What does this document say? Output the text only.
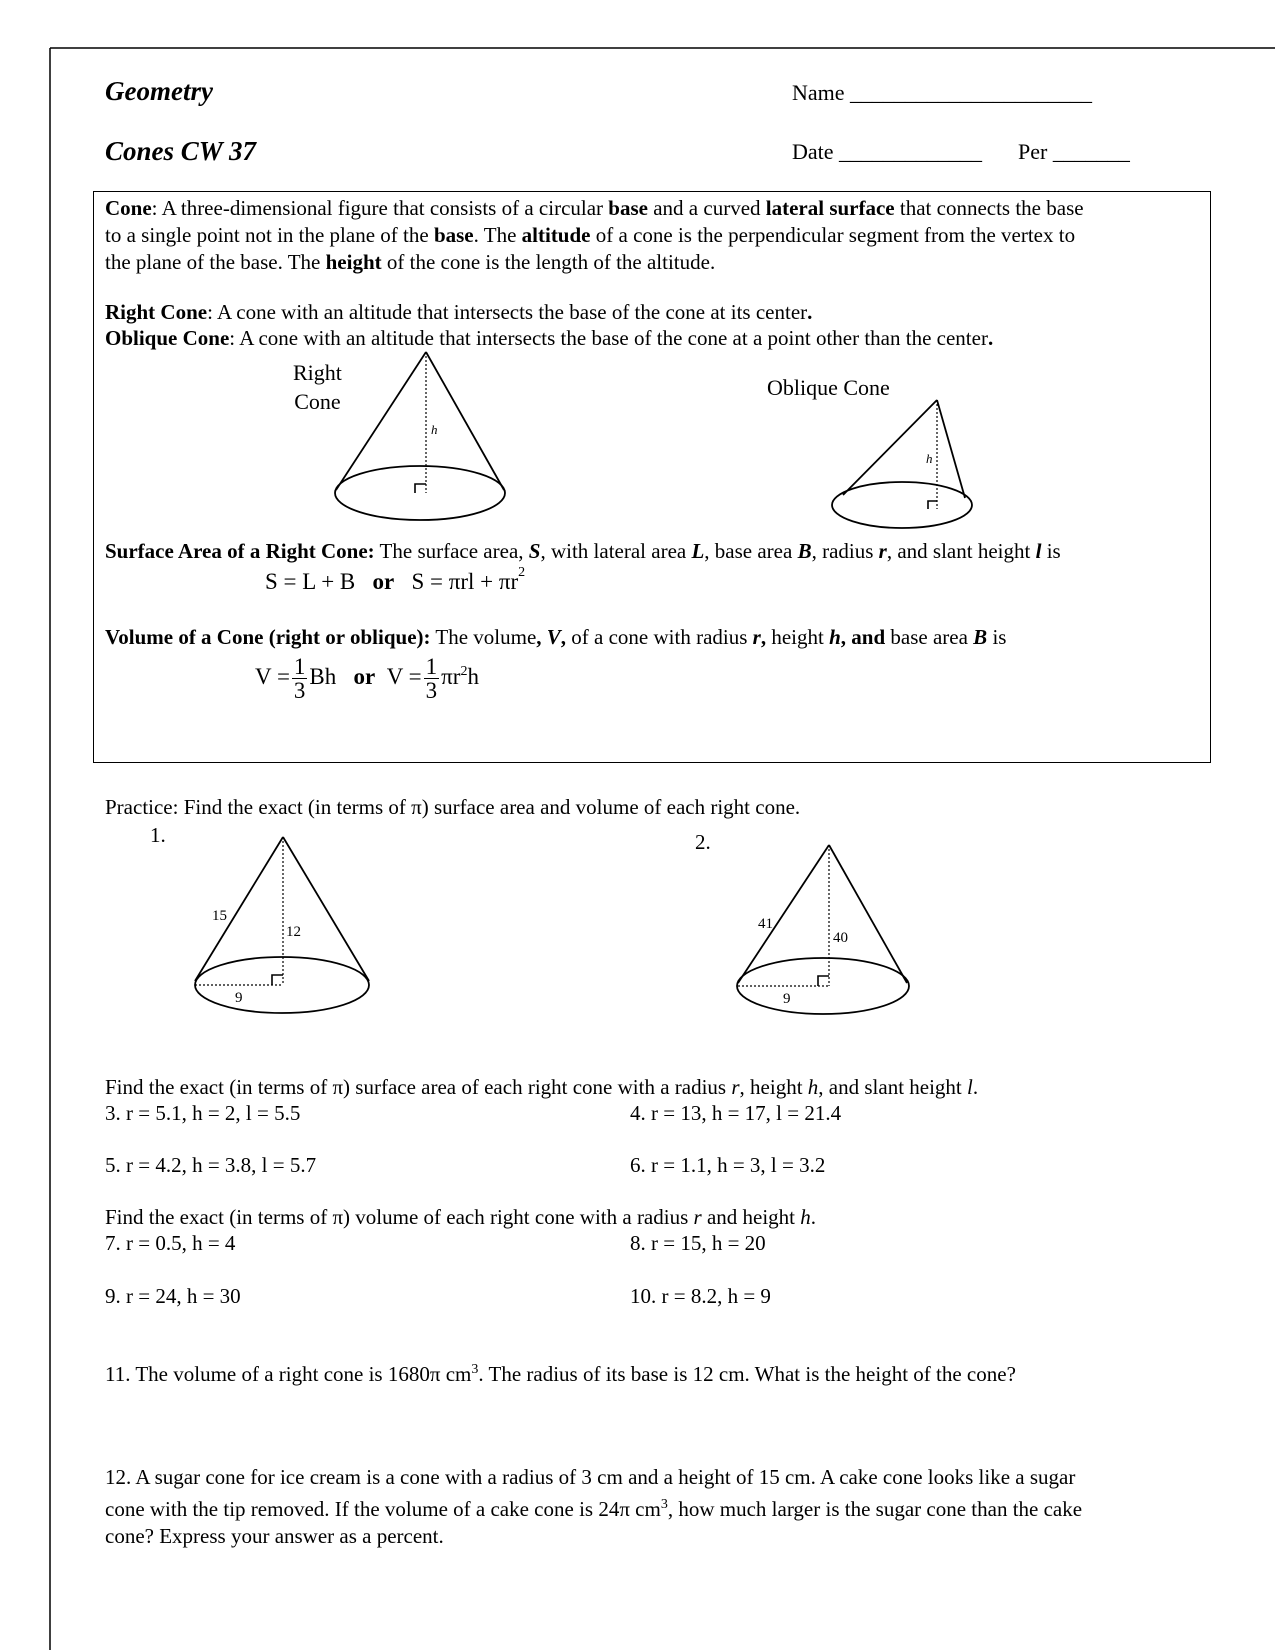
Geometry
Cones CW 37
Name ______________________
Date _____________ Per _______
Cone: A three-dimensional figure that consists of a circular base and a curved lateral surface that connects the base
to a single point not in the plane of the base. The altitude of a cone is the perpendicular segment from the vertex to
the plane of the base. The height of the cone is the length of the altitude.
Right Cone: A cone with an altitude that intersects the base of the cone at its center.
Oblique Cone: A cone with an altitude that intersects the base of the cone at a point other than the center.
Right
Cone
h
Oblique Cone
h
Surface Area of a Right Cone: The surface area, S, with lateral area L, base area B, radius r, and slant height l is
S = L + B or $S = \pi rl + \pi r^2$
Volume of a Cone (right or oblique): The volume, V, of a cone with radius r, height h, and base area B is
$V = \frac{1}{3}$ Bh or $V = \frac{1}{3} \pi r^2h$
Practice: Find the exact (in terms of π) surface area and volume of each right cone.
1.	2.
15
12
9
41
40
9
Find the exact (in terms of π) surface area of each right cone with a radius r, height h, and slant height l.
3. r = 5.1, h = 2, l = 5.5	4. r = 13, h = 17, l = 21.4
5. r = 4.2, h = 3.8, l = 5.7	6. r = 1.1, h = 3, l = 3.2
Find the exact (in terms of π) volume of each right cone with a radius r and height h.
7. r = 0.5, h = 4	8. r = 15, h = 20
9. r = 24, h = 30	10. r = 8.2, h = 9
11. The volume of a right cone is 1680π $cm^3$. The radius of its base is 12 cm. What is the height of the cone?
12. A sugar cone for ice cream is a cone with a radius of 3 cm and a height of 15 cm. A cake cone looks like a sugar
cone with the tip removed. If the volume of a cake cone is 24π $cm^3$, how much larger is the sugar cone than the cake
cone? Express your answer as a percent.
